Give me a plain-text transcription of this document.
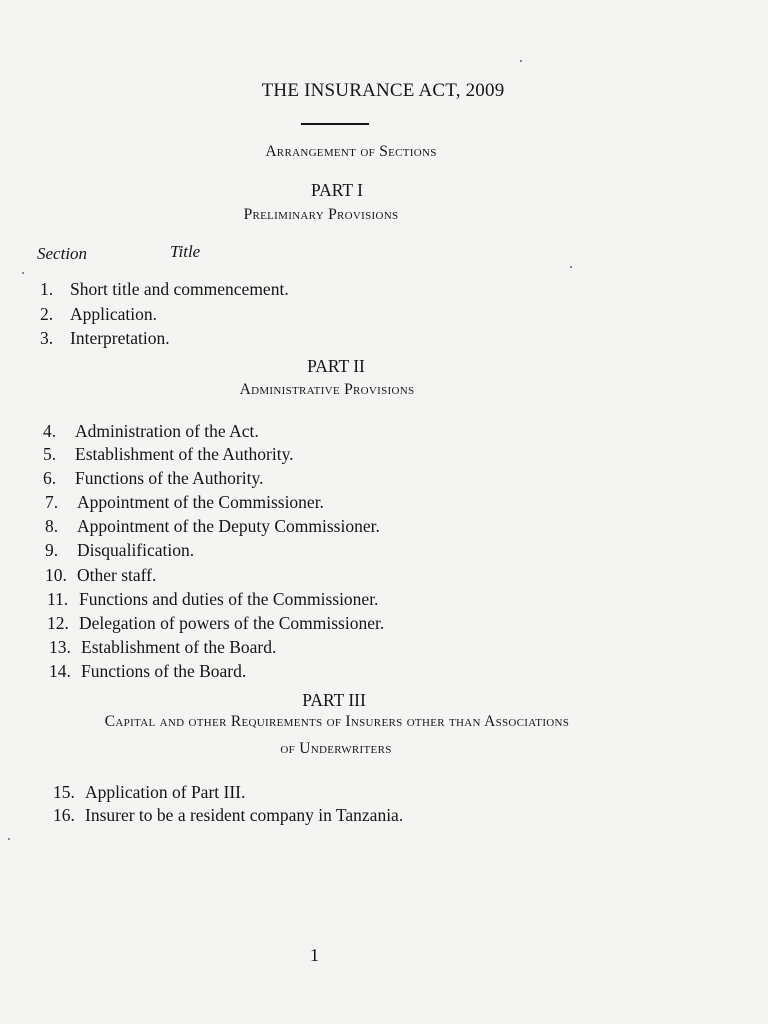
THE INSURANCE ACT, 2009
Arrangement of Sections
PART I
Preliminary Provisions
Section	Title
1. Short title and commencement.
2. Application.
3. Interpretation.
PART II
Administrative Provisions
4. Administration of the Act.
5. Establishment of the Authority.
6. Functions of the Authority.
7. Appointment of the Commissioner.
8. Appointment of the Deputy Commissioner.
9. Disqualification.
10. Other staff.
11. Functions and duties of the Commissioner.
12. Delegation of powers of the Commissioner.
13. Establishment of the Board.
14. Functions of the Board.
PART III
Capital and other Requirements of Insurers other than Associations
of Underwriters
15. Application of Part III.
16. Insurer to be a resident company in Tanzania.
1
